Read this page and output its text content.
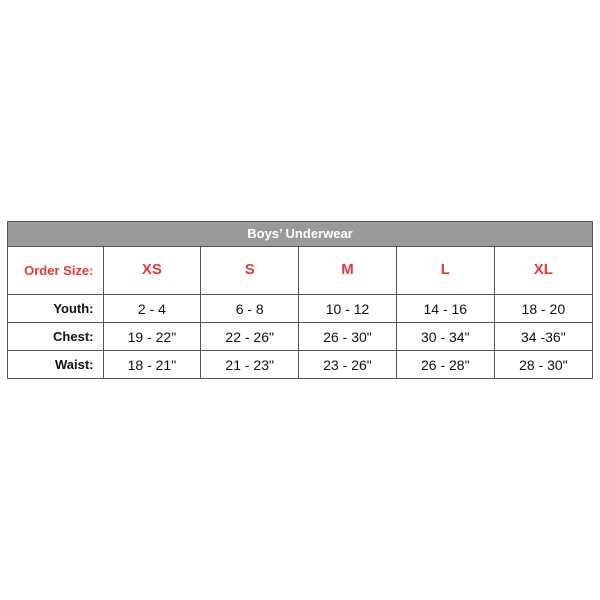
Boys’ Underwear
Order Size:	XS	S	M	L	XL
Youth:	2 - 4	6 - 8	10 - 12	14 - 16	18 - 20
Chest:	19 - 22"	22 - 26"	26 - 30"	30 - 34"	34 -36"
Waist:	18 - 21"	21 - 23"	23 - 26"	26 - 28"	28 - 30"
